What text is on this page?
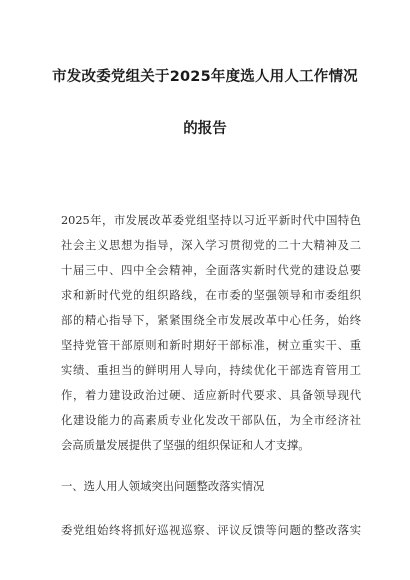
市发改委党组关于2025年度选人用人工作情况
的报告
2025年，市发展改革委党组坚持以习近平新时代中国特色
社会主义思想为指导，深入学习贯彻党的二十大精神及二
十届三中、四中全会精神，全面落实新时代党的建设总要
求和新时代党的组织路线，在市委的坚强领导和市委组织
部的精心指导下，紧紧围绕全市发展改革中心任务，始终
坚持党管干部原则和新时期好干部标准，树立重实干、重
实绩、重担当的鲜明用人导向，持续优化干部选育管用工
作，着力建设政治过硬、适应新时代要求、具备领导现代
化建设能力的高素质专业化发改干部队伍，为全市经济社
会高质量发展提供了坚强的组织保证和人才支撑。
一、选人用人领域突出问题整改落实情况
委党组始终将抓好巡视巡察、评议反馈等问题的整改落实
